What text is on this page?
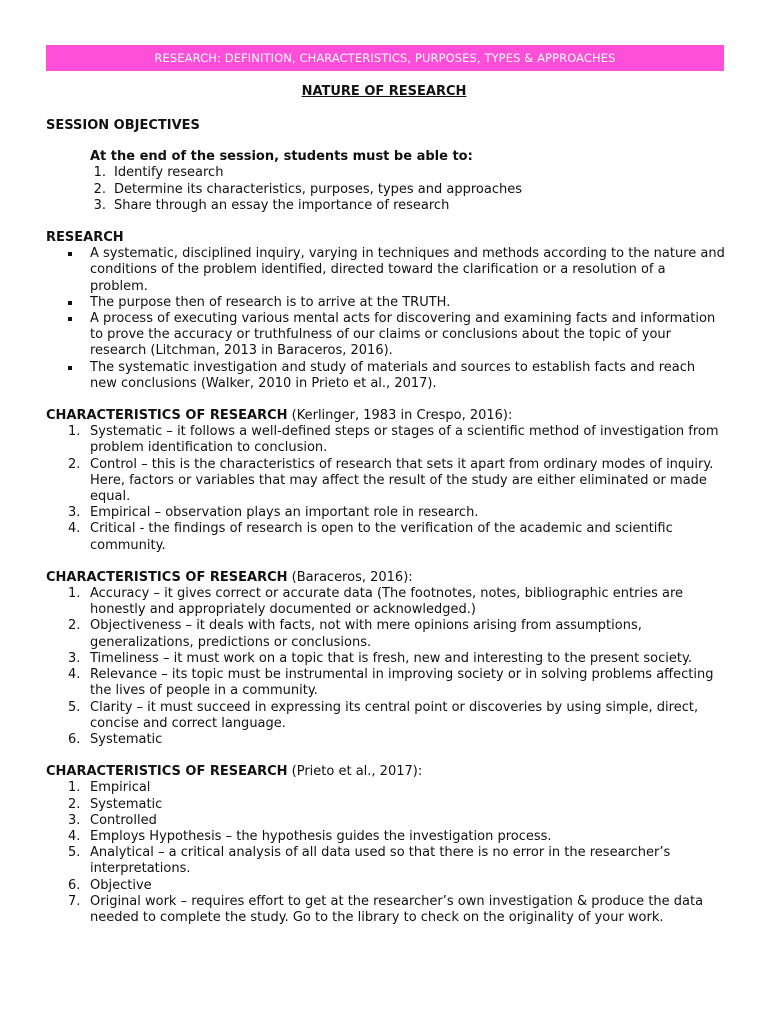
RESEARCH: DEFINITION, CHARACTERISTICS, PURPOSES, TYPES & APPROACHES
NATURE OF RESEARCH
SESSION OBJECTIVES
At the end of the session, students must be able to:
1. Identify research
2. Determine its characteristics, purposes, types and approaches
3. Share through an essay the importance of research
RESEARCH
A systematic, disciplined inquiry, varying in techniques and methods according to the nature and conditions of the problem identified, directed toward the clarification or a resolution of a problem.
The purpose then of research is to arrive at the TRUTH.
A process of executing various mental acts for discovering and examining facts and information to prove the accuracy or truthfulness of our claims or conclusions about the topic of your research (Litchman, 2013 in Baraceros, 2016).
The systematic investigation and study of materials and sources to establish facts and reach new conclusions (Walker, 2010 in Prieto et al., 2017).
CHARACTERISTICS OF RESEARCH (Kerlinger, 1983 in Crespo, 2016):
1. Systematic – it follows a well-defined steps or stages of a scientific method of investigation from problem identification to conclusion.
2. Control – this is the characteristics of research that sets it apart from ordinary modes of inquiry. Here, factors or variables that may affect the result of the study are either eliminated or made equal.
3. Empirical – observation plays an important role in research.
4. Critical - the findings of research is open to the verification of the academic and scientific community.
CHARACTERISTICS OF RESEARCH (Baraceros, 2016):
1. Accuracy – it gives correct or accurate data (The footnotes, notes, bibliographic entries are honestly and appropriately documented or acknowledged.)
2. Objectiveness – it deals with facts, not with mere opinions arising from assumptions, generalizations, predictions or conclusions.
3. Timeliness – it must work on a topic that is fresh, new and interesting to the present society.
4. Relevance – its topic must be instrumental in improving society or in solving problems affecting the lives of people in a community.
5. Clarity – it must succeed in expressing its central point or discoveries by using simple, direct, concise and correct language.
6. Systematic
CHARACTERISTICS OF RESEARCH (Prieto et al., 2017):
1. Empirical
2. Systematic
3. Controlled
4. Employs Hypothesis – the hypothesis guides the investigation process.
5. Analytical – a critical analysis of all data used so that there is no error in the researcher’s interpretations.
6. Objective
7. Original work – requires effort to get at the researcher’s own investigation & produce the data needed to complete the study. Go to the library to check on the originality of your work.
